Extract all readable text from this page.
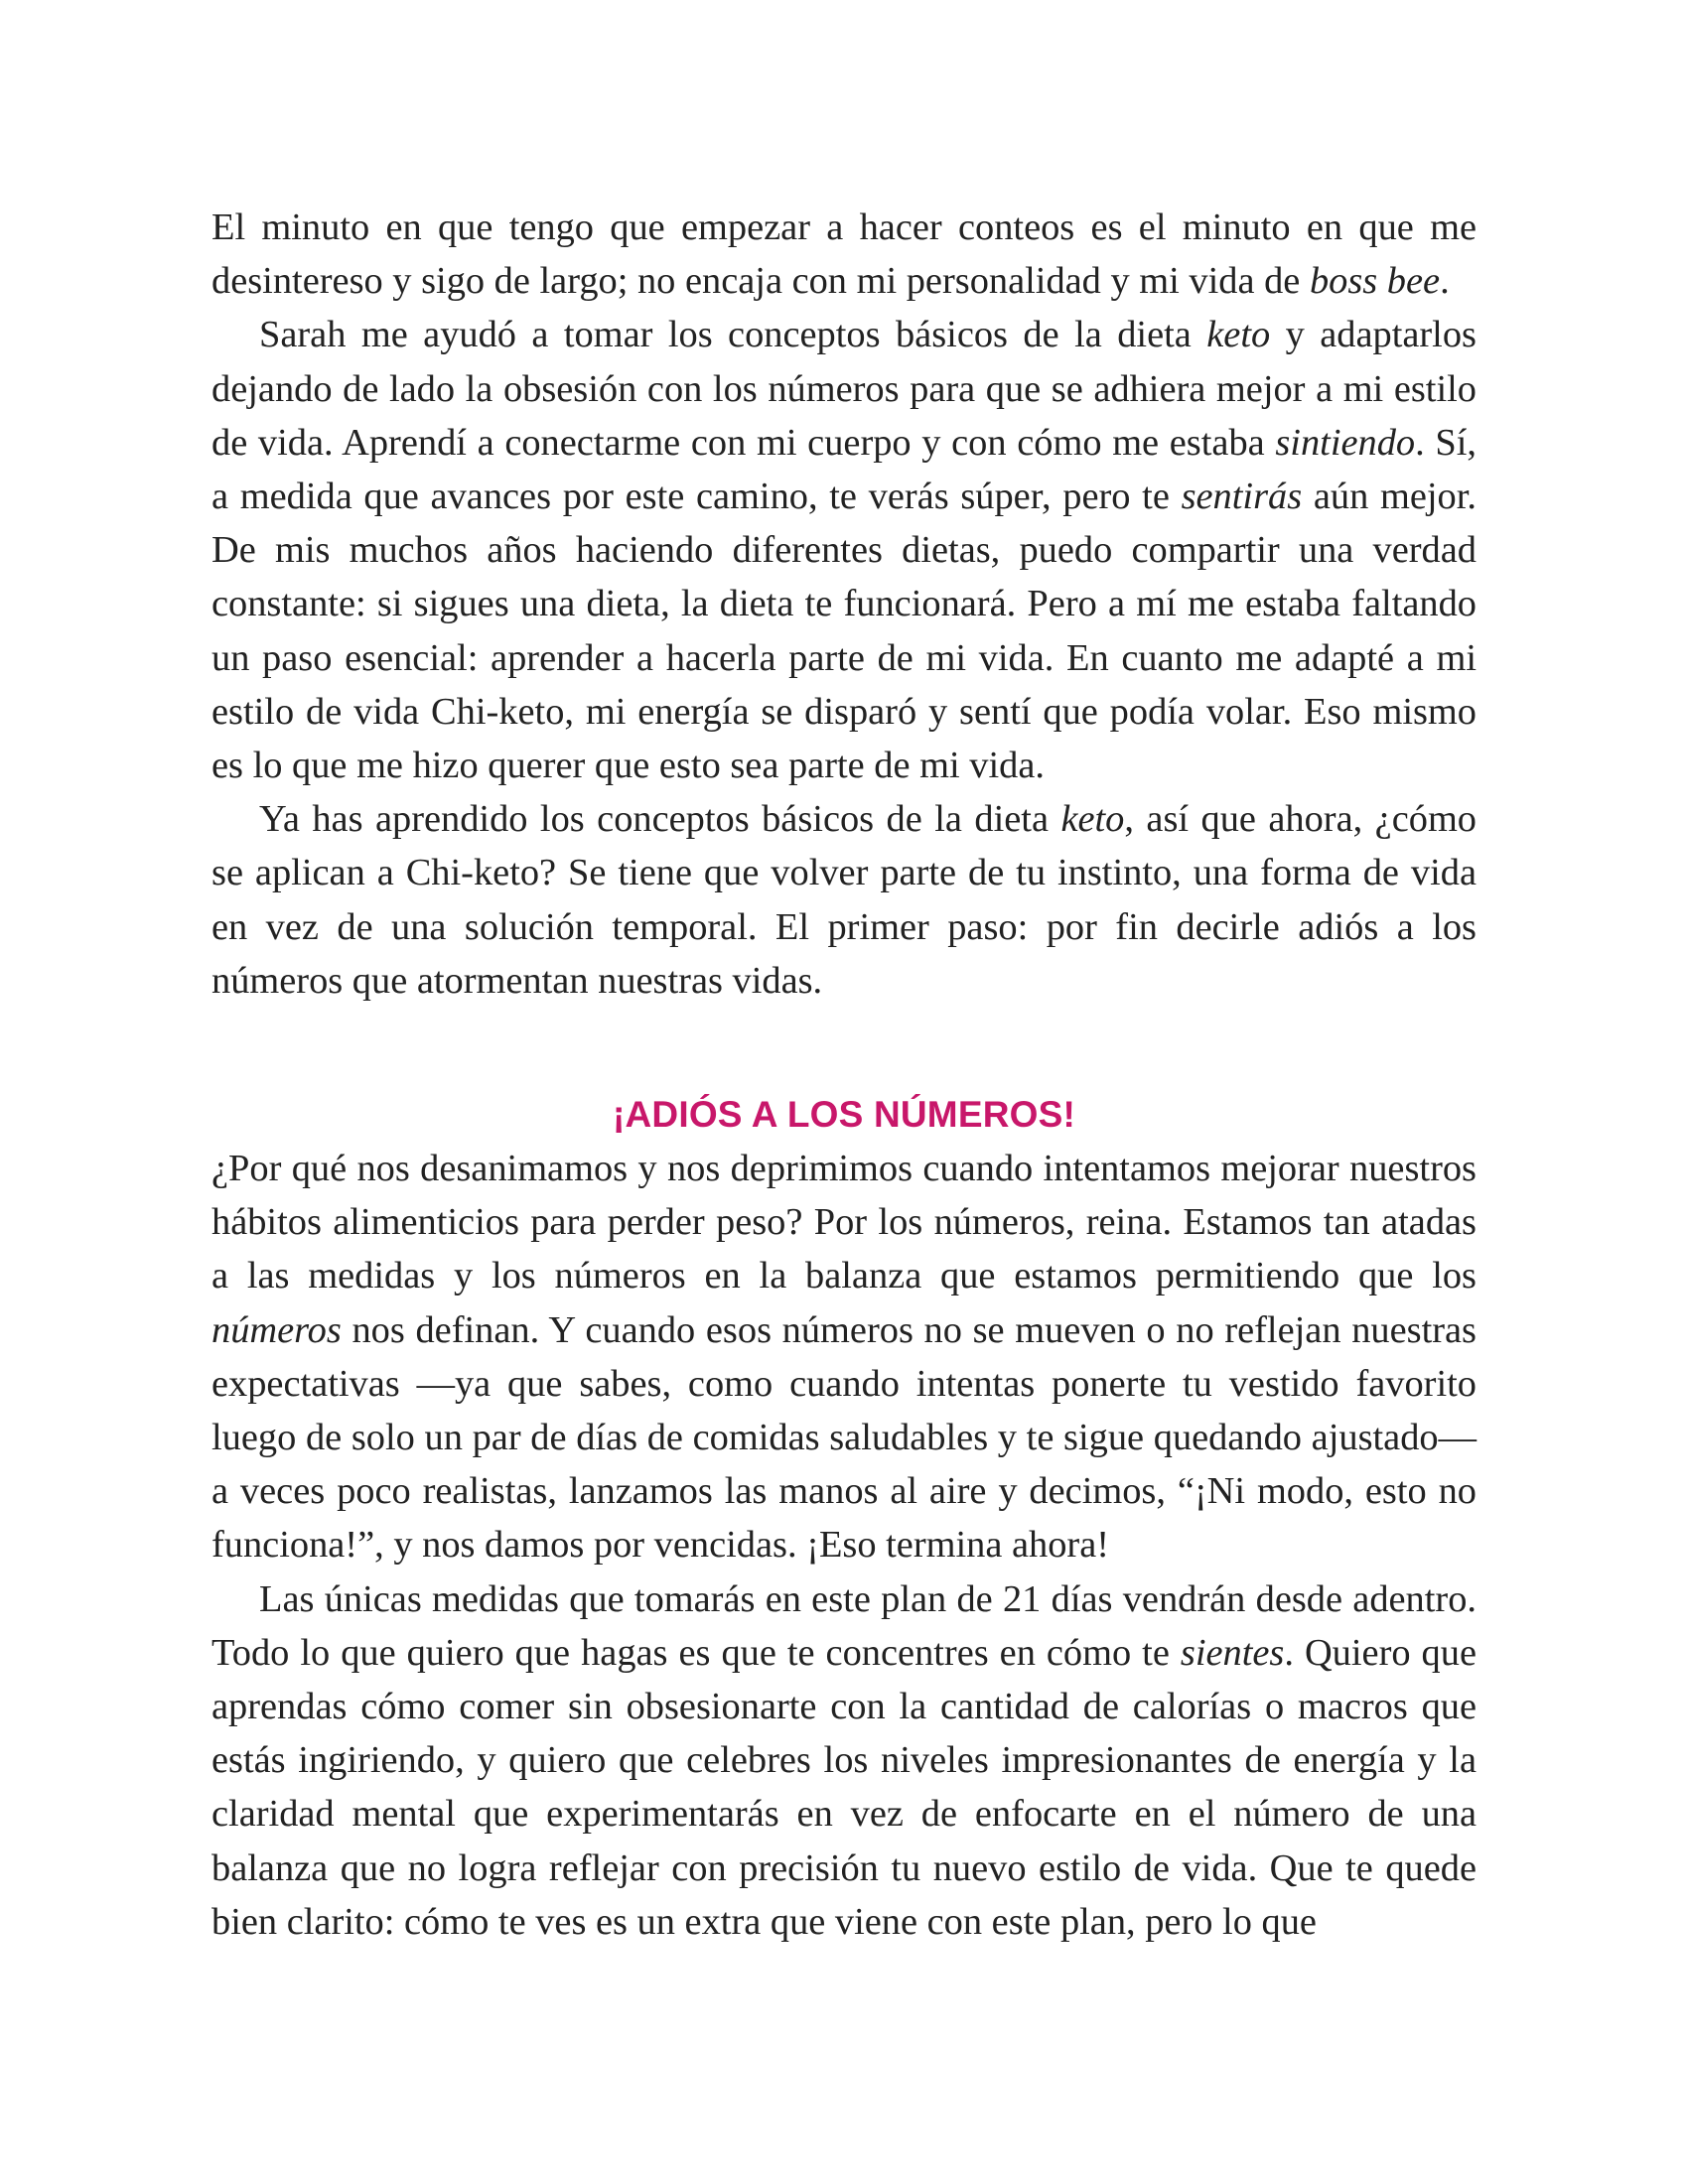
El minuto en que tengo que empezar a hacer conteos es el minuto en que me desintereso y sigo de largo; no encaja con mi personalidad y mi vida de boss bee.

Sarah me ayudó a tomar los conceptos básicos de la dieta keto y adaptarlos dejando de lado la obsesión con los números para que se adhiera mejor a mi estilo de vida. Aprendí a conectarme con mi cuerpo y con cómo me estaba sintiendo. Sí, a medida que avances por este camino, te verás súper, pero te sentirás aún mejor. De mis muchos años haciendo diferentes dietas, puedo compartir una verdad constante: si sigues una dieta, la dieta te funcionará. Pero a mí me estaba faltando un paso esencial: aprender a hacerla parte de mi vida. En cuanto me adapté a mi estilo de vida Chi-keto, mi energía se disparó y sentí que podía volar. Eso mismo es lo que me hizo querer que esto sea parte de mi vida.

Ya has aprendido los conceptos básicos de la dieta keto, así que ahora, ¿cómo se aplican a Chi-keto? Se tiene que volver parte de tu instinto, una forma de vida en vez de una solución temporal. El primer paso: por fin decirle adiós a los números que atormentan nuestras vidas.

¡ADIÓS A LOS NÚMEROS!

¿Por qué nos desanimamos y nos deprimimos cuando intentamos mejorar nuestros hábitos alimenticios para perder peso? Por los números, reina. Estamos tan atadas a las medidas y los números en la balanza que estamos permitiendo que los números nos definan. Y cuando esos números no se mueven o no reflejan nuestras expectativas —ya que sabes, como cuando intentas ponerte tu vestido favorito luego de solo un par de días de comidas saludables y te sigue quedando ajustado— a veces poco realistas, lanzamos las manos al aire y decimos, “¡Ni modo, esto no funciona!”, y nos damos por vencidas. ¡Eso termina ahora!

Las únicas medidas que tomarás en este plan de 21 días vendrán desde adentro. Todo lo que quiero que hagas es que te concentres en cómo te sientes. Quiero que aprendas cómo comer sin obsesionarte con la cantidad de calorías o macros que estás ingiriendo, y quiero que celebres los niveles impresionantes de energía y la claridad mental que experimentarás en vez de enfocarte en el número de una balanza que no logra reflejar con precisión tu nuevo estilo de vida. Que te quede bien clarito: cómo te ves es un extra que viene con este plan, pero lo que
